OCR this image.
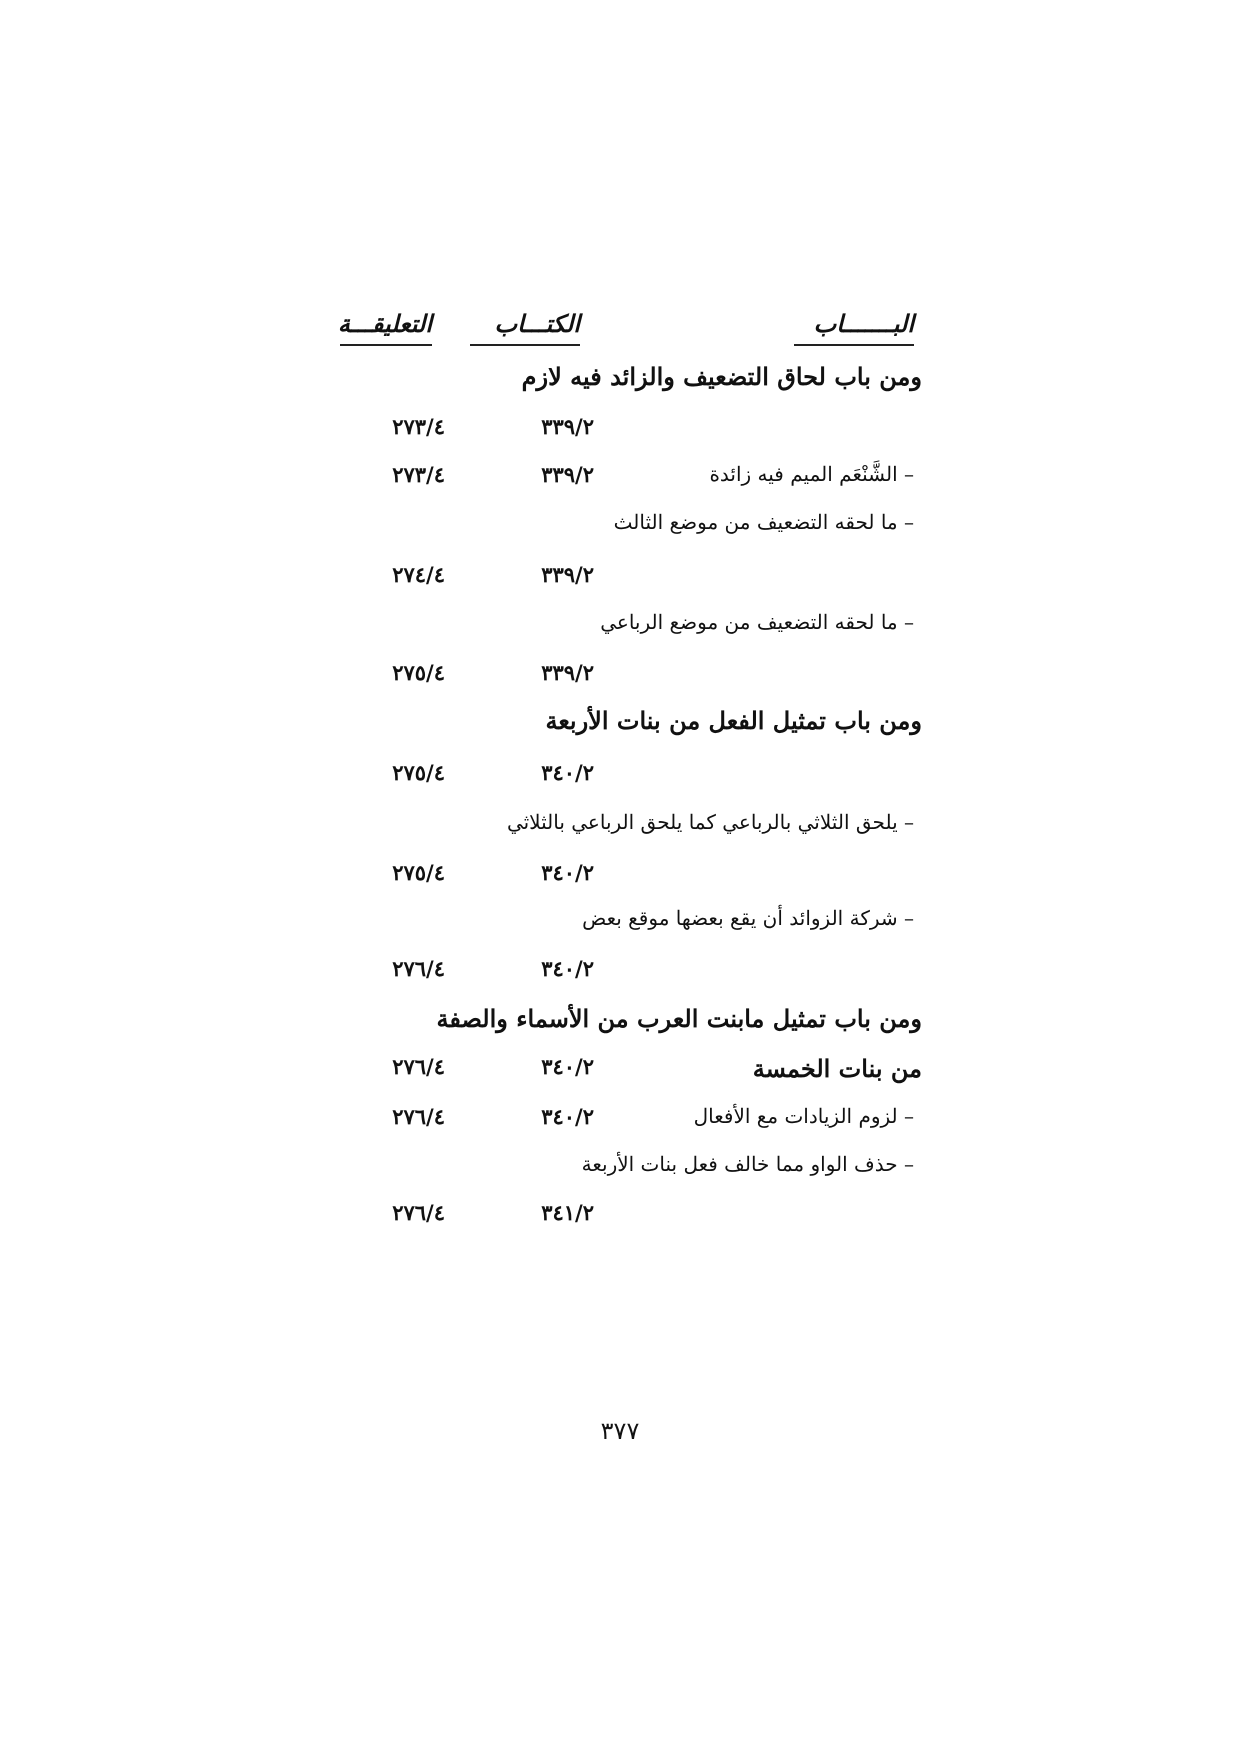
البـــــــاب
الكتـــاب
التعليقـــة
ومن باب لحاق التضعيف والزائد فيه لازم
٣٣٩/٢
٢٧٣/٤
– الشَّنْعَم الميم فيه زائدة
٣٣٩/٢
٢٧٣/٤
– ما لحقه التضعيف من موضع الثالث
٣٣٩/٢
٢٧٤/٤
– ما لحقه التضعيف من موضع الرباعي
٣٣٩/٢
٢٧٥/٤
ومن باب تمثيل الفعل من بنات الأربعة
٣٤٠/٢
٢٧٥/٤
– يلحق الثلاثي بالرباعي كما يلحق الرباعي بالثلاثي
٣٤٠/٢
٢٧٥/٤
– شركة الزوائد أن يقع بعضها موقع بعض
٣٤٠/٢
٢٧٦/٤
ومن باب تمثيل مابنت العرب من الأسماء والصفة
من بنات الخمسة
٣٤٠/٢
٢٧٦/٤
– لزوم الزيادات مع الأفعال
٣٤٠/٢
٢٧٦/٤
– حذف الواو مما خالف فعل بنات الأربعة
٣٤١/٢
٢٧٦/٤
٣٧٧
